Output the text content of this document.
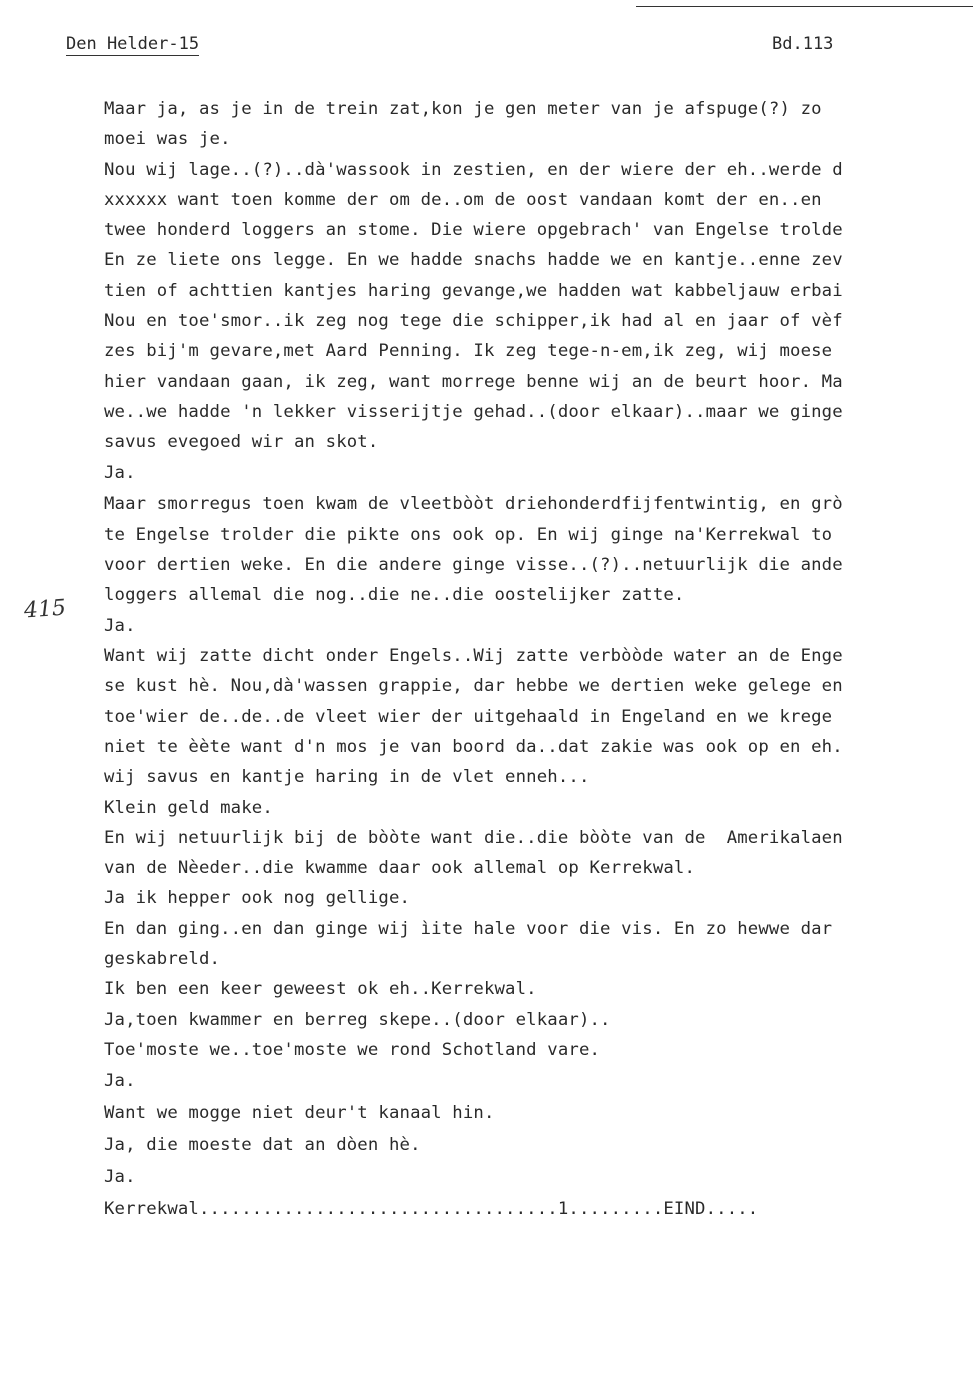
Den Helder-15	Bd.113
415
Maar ja, as je in de trein zat,kon je gen meter van je afspuge(?) zo
moei was je.
Nou wij lage..(?)..dà'wassook in zestien, en der wiere der eh..werde d
xxxxxx want toen komme der om de..om de oost vandaan komt der en..en
twee honderd loggers an stome. Die wiere opgebrach' van Engelse trolde
En ze liete ons legge. En we hadde snachs hadde we en kantje..enne zev
tien of achttien kantjes haring gevange,we hadden wat kabbeljauw erbai
Nou en toe'smor..ik zeg nog tege die schipper,ik had al en jaar of vèf
zes bij'm gevare,met Aard Penning. Ik zeg tege-n-em,ik zeg, wij moese
hier vandaan gaan, ik zeg, want morrege benne wij an de beurt hoor. Ma
we..we hadde 'n lekker visserijtje gehad..(door elkaar)..maar we ginge
savus evegoed wir an skot.
Ja.
Maar smorregus toen kwam de vleetbòòt driehonderdfijfentwintig, en grò
te Engelse trolder die pikte ons ook op. En wij ginge na'Kerrekwal to
voor dertien weke. En die andere ginge visse..(?)..netuurlijk die ande
loggers allemal die nog..die ne..die oostelijker zatte.
Ja.
Want wij zatte dicht onder Engels..Wij zatte verbòòde water an de Enge
se kust hè. Nou,dà'wassen grappie, dar hebbe we dertien weke gelege en
toe'wier de..de..de vleet wier der uitgehaald in Engeland en we krege
niet te èète want d'n mos je van boord da..dat zakie was ook op en eh.
wij savus en kantje haring in de vlet enneh...
Klein geld make.
En wij netuurlijk bij de bòòte want die..die bòòte van de  Amerikalaen
van de Nèeder..die kwamme daar ook allemal op Kerrekwal.
Ja ik hepper ook nog gellige.
En dan ging..en dan ginge wij ìite hale voor die vis. En zo hewwe dar
geskabreld.
Ik ben een keer geweest ok eh..Kerrekwal.
Ja,toen kwammer en berreg skepe..(door elkaar)..
Toe'moste we..toe'moste we rond Schotland vare.
Ja.
Want we mogge niet deur't kanaal hin.
Ja, die moeste dat an dòen hè.
Ja.
Kerrekwal..................................1.........EIND.....
